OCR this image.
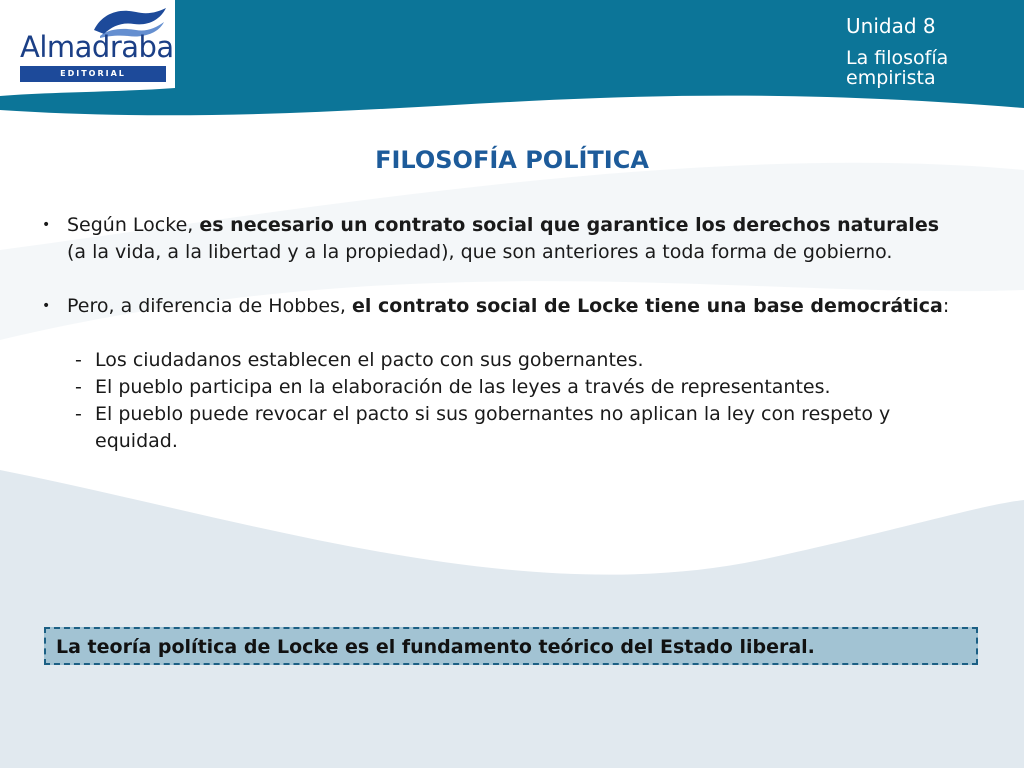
Almadraba
EDITORIAL
Unidad 8
La filosofía empirista
FILOSOFÍA POLÍTICA

• Según Locke, es necesario un contrato social que garantice los derechos naturales (a la vida, a la libertad y a la propiedad), que son anteriores a toda forma de gobierno.

• Pero, a diferencia de Hobbes, el contrato social de Locke tiene una base democrática:
- Los ciudadanos establecen el pacto con sus gobernantes.
- El pueblo participa en la elaboración de las leyes a través de representantes.
- El pueblo puede revocar el pacto si sus gobernantes no aplican la ley con respeto y equidad.
La teoría política de Locke es el fundamento teórico del Estado liberal.
